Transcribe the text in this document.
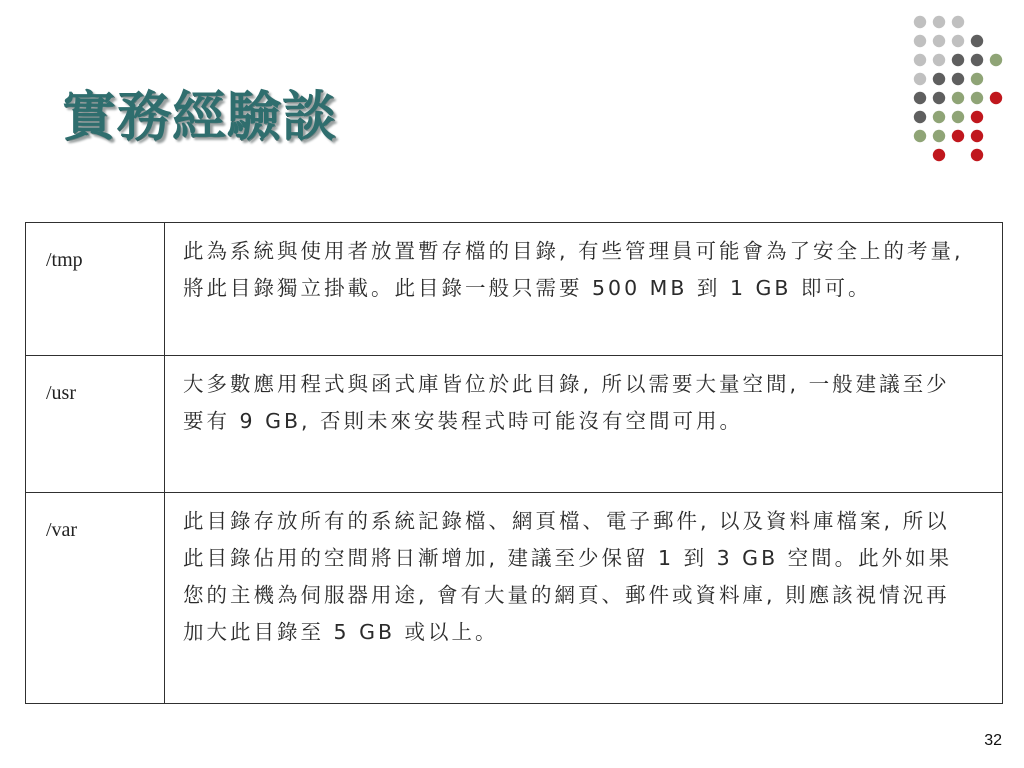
實務經驗談
/tmp	此為系統與使用者放置暫存檔的目錄, 有些管理員可能會為了安全上的考量, 將此目錄獨立掛載。此目錄一般只需要 500 MB 到 1 GB 即可。
/usr	大多數應用程式與函式庫皆位於此目錄, 所以需要大量空間, 一般建議至少要有 9 GB, 否則未來安裝程式時可能沒有空間可用。
/var	此目錄存放所有的系統記錄檔、網頁檔、電子郵件, 以及資料庫檔案, 所以此目錄佔用的空間將日漸增加, 建議至少保留 1 到 3 GB 空間。此外如果您的主機為伺服器用途, 會有大量的網頁、郵件或資料庫, 則應該視情況再加大此目錄至 5 GB 或以上。
32
